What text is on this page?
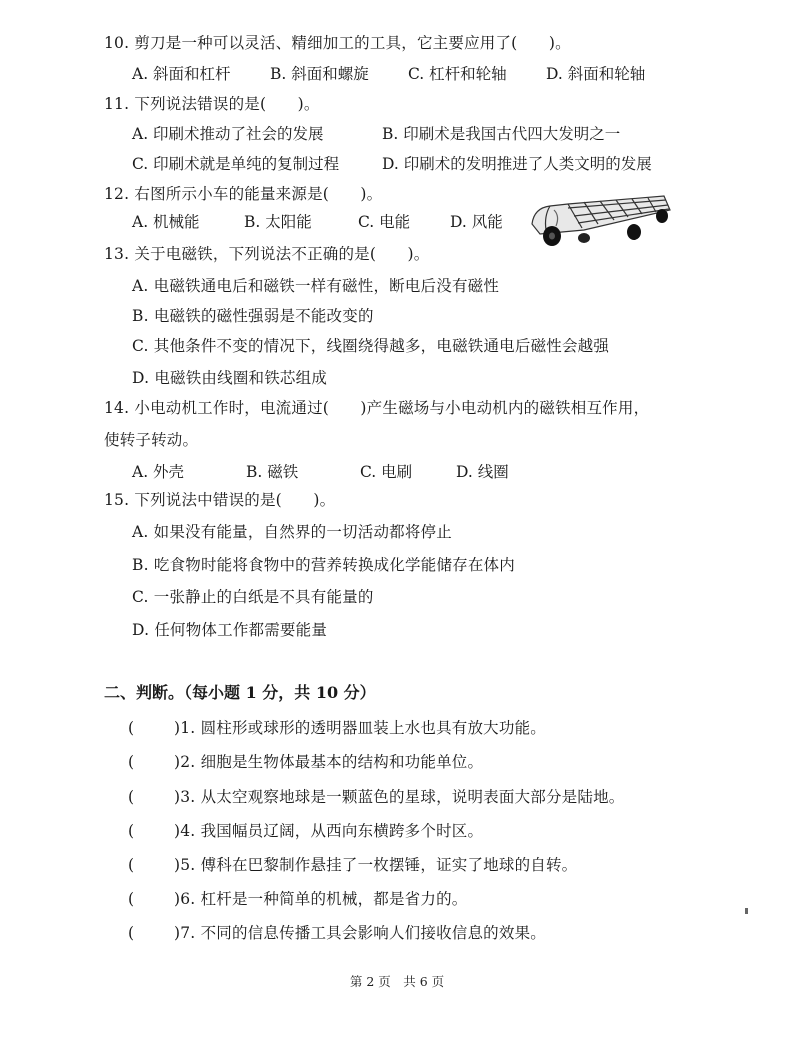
10. 剪刀是一种可以灵活、精细加工的工具，它主要应用了(　　)。
A. 斜面和杠杆	B. 斜面和螺旋	C. 杠杆和轮轴	D. 斜面和轮轴
11. 下列说法错误的是(　　)。
A. 印刷术推动了社会的发展	B. 印刷术是我国古代四大发明之一
C. 印刷术就是单纯的复制过程	D. 印刷术的发明推进了人类文明的发展
12. 右图所示小车的能量来源是(　　)。
A. 机械能	B. 太阳能	C. 电能	D. 风能
13. 关于电磁铁，下列说法不正确的是(　　)。
A. 电磁铁通电后和磁铁一样有磁性，断电后没有磁性
B. 电磁铁的磁性强弱是不能改变的
C. 其他条件不变的情况下，线圈绕得越多，电磁铁通电后磁性会越强
D. 电磁铁由线圈和铁芯组成
14. 小电动机工作时，电流通过(　　)产生磁场与小电动机内的磁铁相互作用，
使转子转动。
A. 外壳	B. 磁铁	C. 电刷	D. 线圈
15. 下列说法中错误的是(　　)。
A. 如果没有能量，自然界的一切活动都将停止
B. 吃食物时能将食物中的营养转换成化学能储存在体内
C. 一张静止的白纸是不具有能量的
D. 任何物体工作都需要能量
二、判断。（每小题 1 分，共 10 分）
(	)1. 圆柱形或球形的透明器皿装上水也具有放大功能。
(	)2. 细胞是生物体最基本的结构和功能单位。
(	)3. 从太空观察地球是一颗蓝色的星球，说明表面大部分是陆地。
(	)4. 我国幅员辽阔，从西向东横跨多个时区。
(	)5. 傅科在巴黎制作悬挂了一枚摆锤，证实了地球的自转。
(	)6. 杠杆是一种简单的机械，都是省力的。
(	)7. 不同的信息传播工具会影响人们接收信息的效果。
第 2 页　共 6 页
